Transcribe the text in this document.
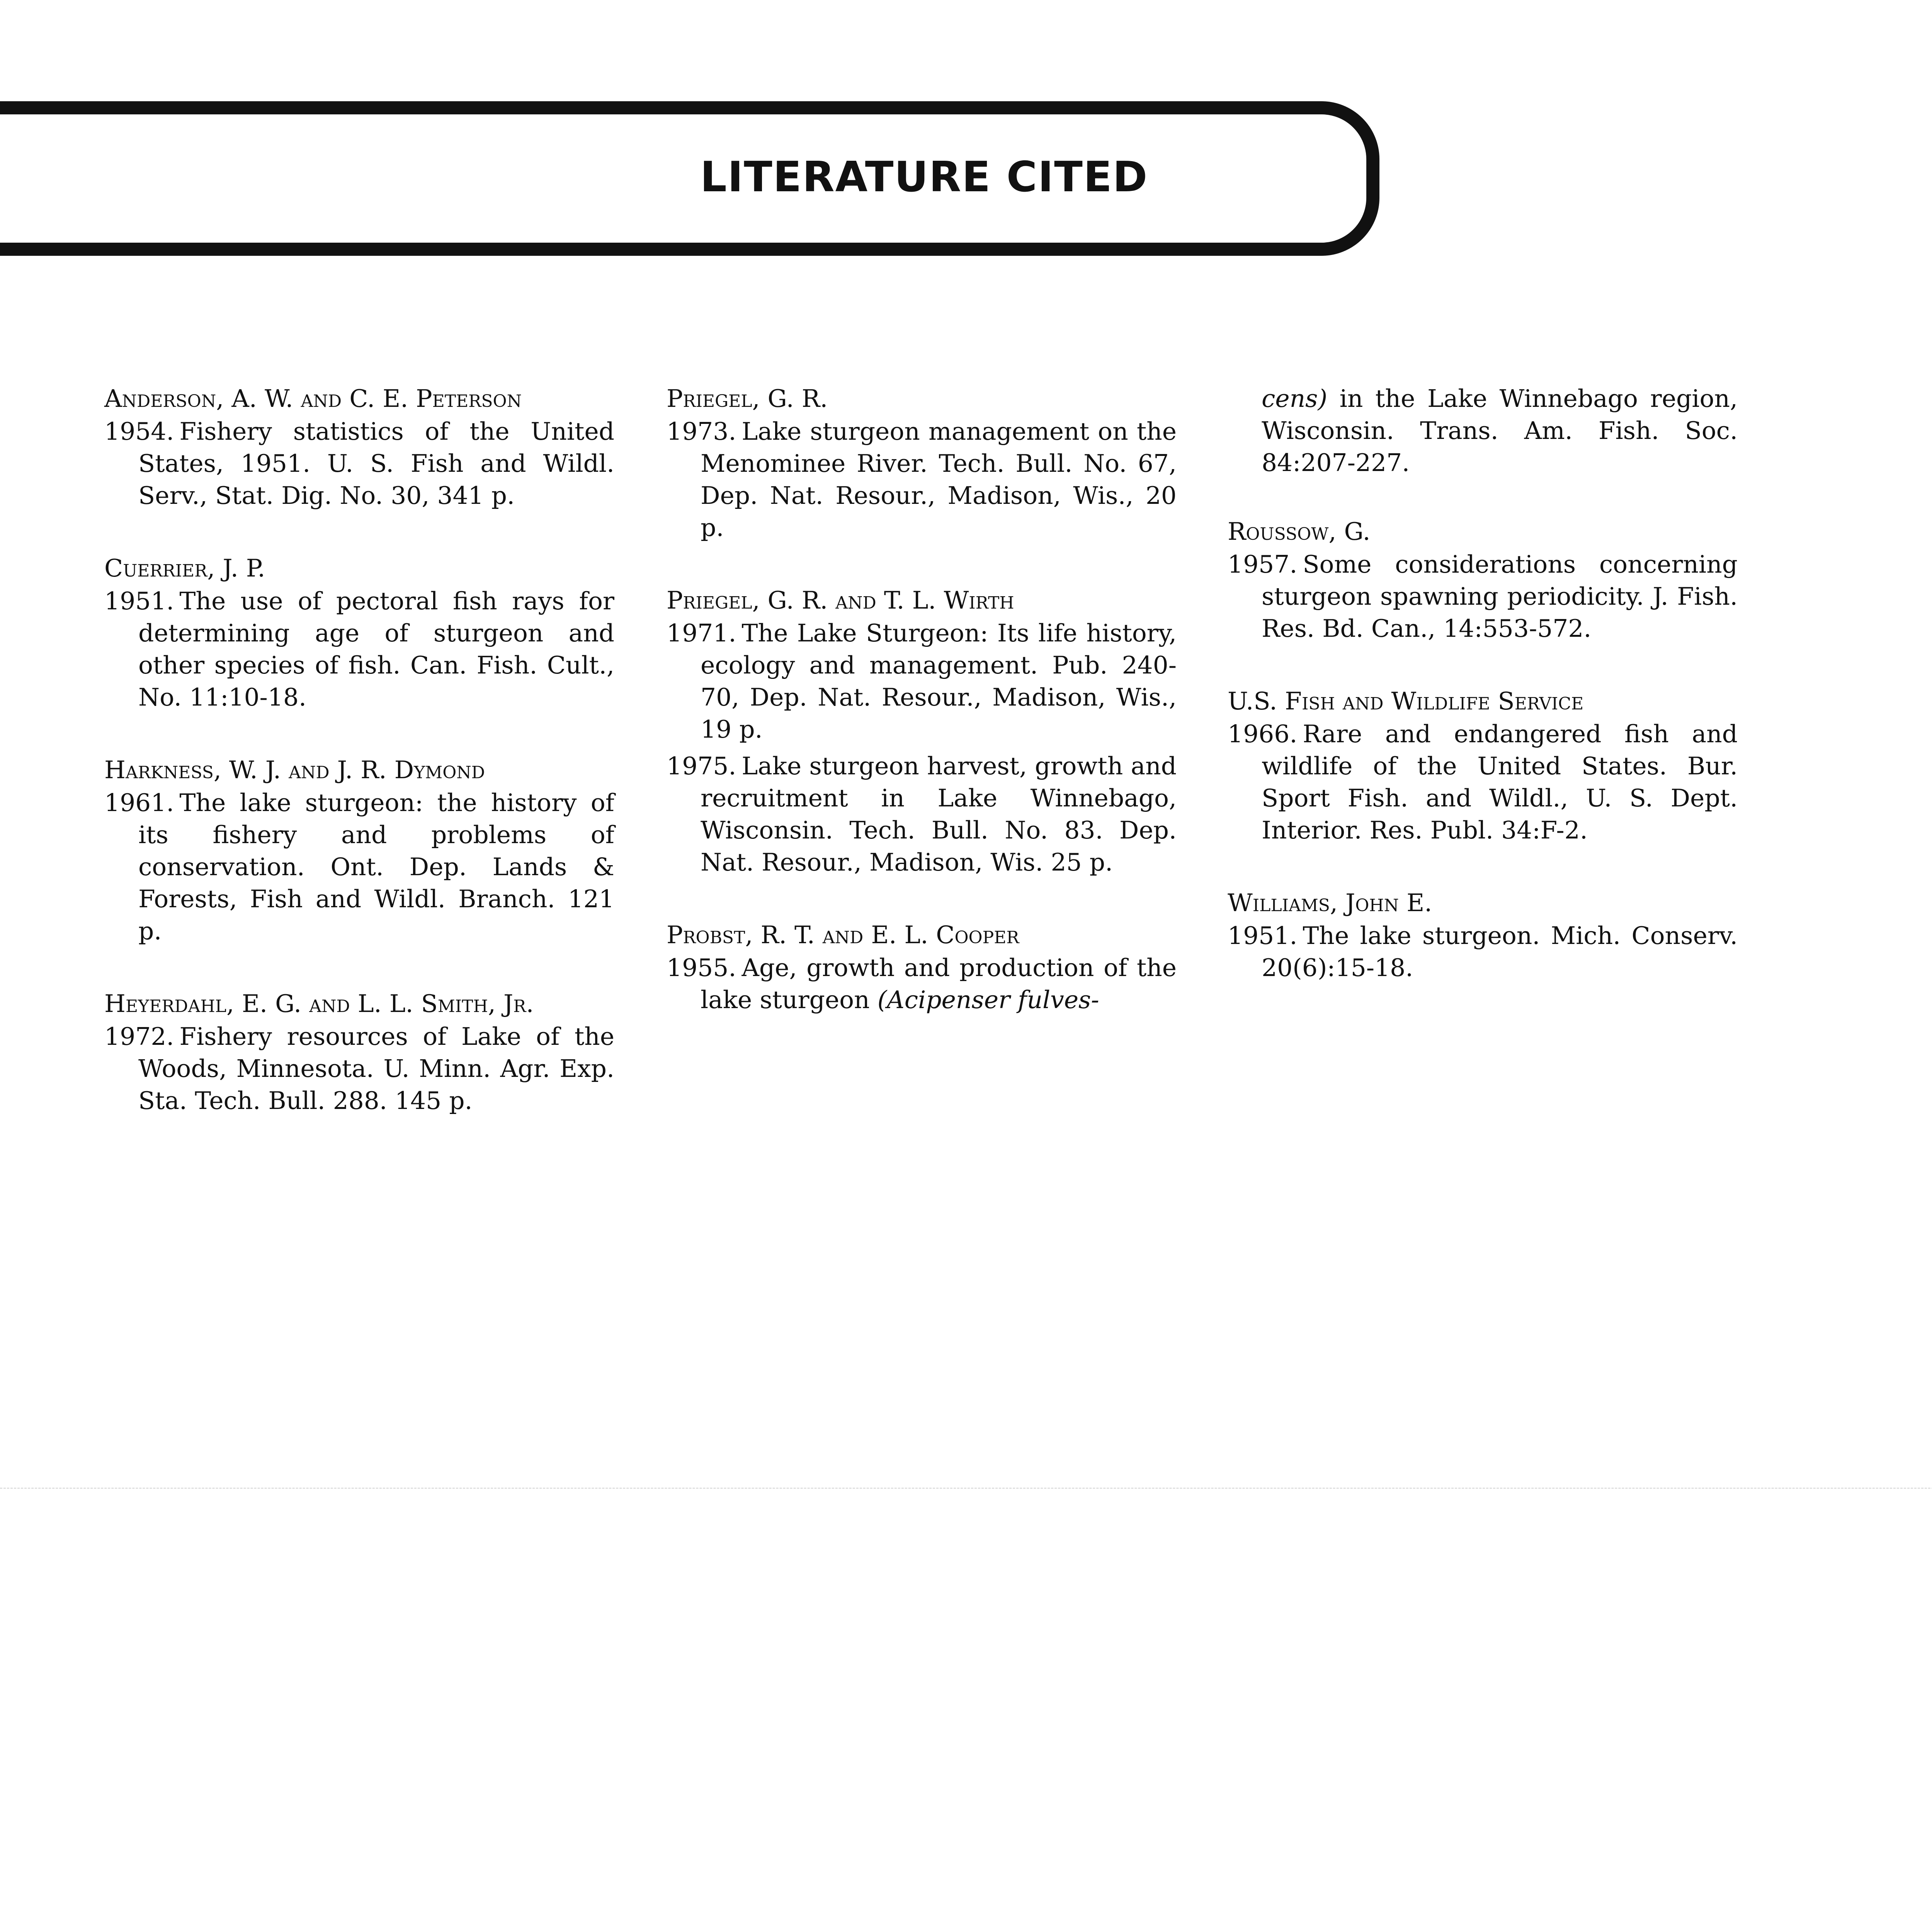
LITERATURE CITED

Anderson, A. W. and C. E. Peterson

1954. Fishery statistics of the United States, 1951. U. S. Fish and Wildl. Serv., Stat. Dig. No. 30, 341 p.

Cuerrier, J. P.

1951. The use of pectoral fish rays for determining age of sturgeon and other species of fish. Can. Fish. Cult., No. 11:10-18.

Harkness, W. J. and J. R. Dymond

1961. The lake sturgeon: the history of its fishery and problems of conservation. Ont. Dep. Lands & Forests, Fish and Wildl. Branch. 121 p.

Heyerdahl, E. G. and L. L. Smith, Jr.

1972. Fishery resources of Lake of the Woods, Minnesota. U. Minn. Agr. Exp. Sta. Tech. Bull. 288. 145 p.

Priegel, G. R.

1973. Lake sturgeon management on the Menominee River. Tech. Bull. No. 67, Dep. Nat. Resour., Madison, Wis., 20 p.

Priegel, G. R. and T. L. Wirth

1971. The Lake Sturgeon: Its life history, ecology and management. Pub. 240-70, Dep. Nat. Resour., Madison, Wis., 19 p.

1975. Lake sturgeon harvest, growth and recruitment in Lake Winnebago, Wisconsin. Tech. Bull. No. 83. Dep. Nat. Resour., Madison, Wis. 25 p.

Probst, R. T. and E. L. Cooper

1955. Age, growth and production of the lake sturgeon (Acipenser fulves-

cens) in the Lake Winnebago region, Wisconsin. Trans. Am. Fish. Soc. 84:207-227.

Roussow, G.

1957. Some considerations concerning sturgeon spawning periodicity. J. Fish. Res. Bd. Can., 14:553-572.

U.S. Fish and Wildlife Service

1966. Rare and endangered fish and wildlife of the United States. Bur. Sport Fish. and Wildl., U. S. Dept. Interior. Res. Publ. 34:F-2.

Williams, John E.

1951. The lake sturgeon. Mich. Conserv. 20(6):15-18.
